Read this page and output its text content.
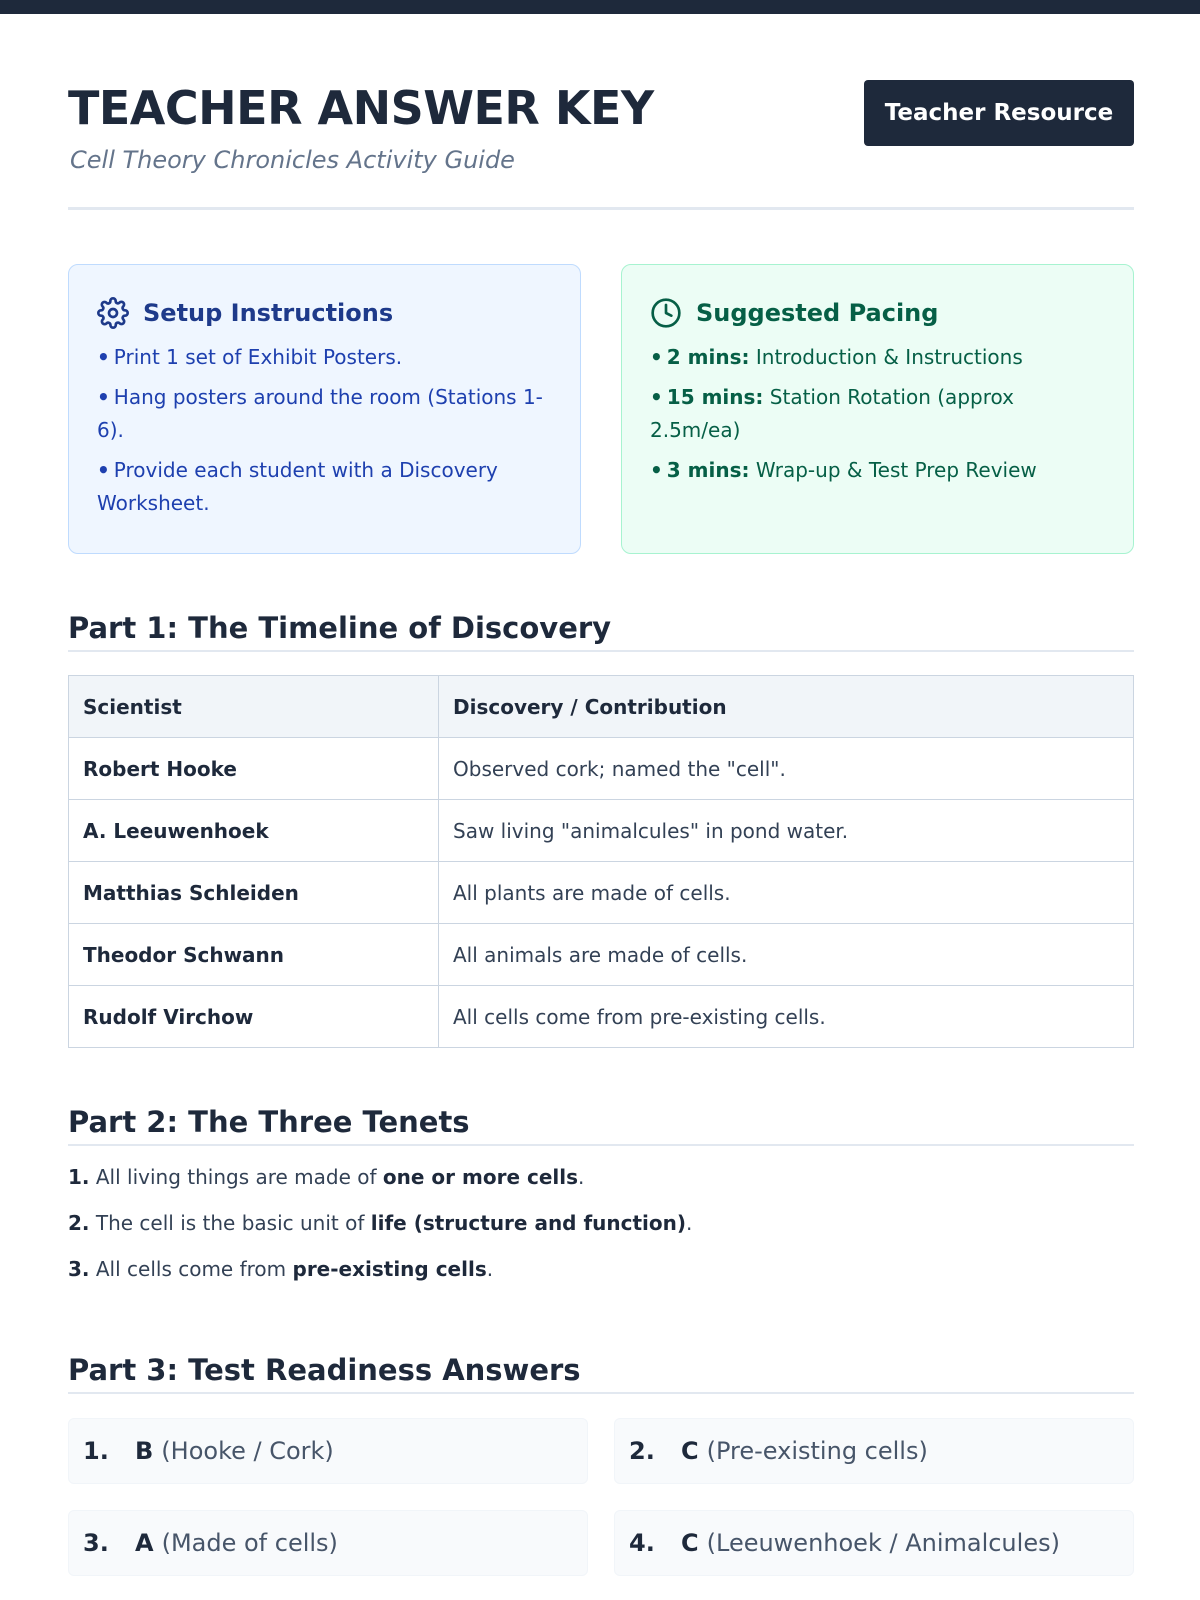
TEACHER ANSWER KEY
Cell Theory Chronicles Activity Guide
Teacher Resource
Setup Instructions
• Print 1 set of Exhibit Posters.
• Hang posters around the room (Stations 1-6).
• Provide each student with a Discovery Worksheet.
Suggested Pacing
• 2 mins: Introduction & Instructions
• 15 mins: Station Rotation (approx 2.5m/ea)
• 3 mins: Wrap-up & Test Prep Review
Part 1: The Timeline of Discovery
Scientist	Discovery / Contribution
Robert Hooke	Observed cork; named the "cell".
A. Leeuwenhoek	Saw living "animalcules" in pond water.
Matthias Schleiden	All plants are made of cells.
Theodor Schwann	All animals are made of cells.
Rudolf Virchow	All cells come from pre-existing cells.
Part 2: The Three Tenets
1. All living things are made of one or more cells.
2. The cell is the basic unit of life (structure and function).
3. All cells come from pre-existing cells.
Part 3: Test Readiness Answers
1.	B (Hooke / Cork)	2.	C (Pre-existing cells)
3.	A (Made of cells)	4.	C (Leeuwenhoek / Animalcules)
